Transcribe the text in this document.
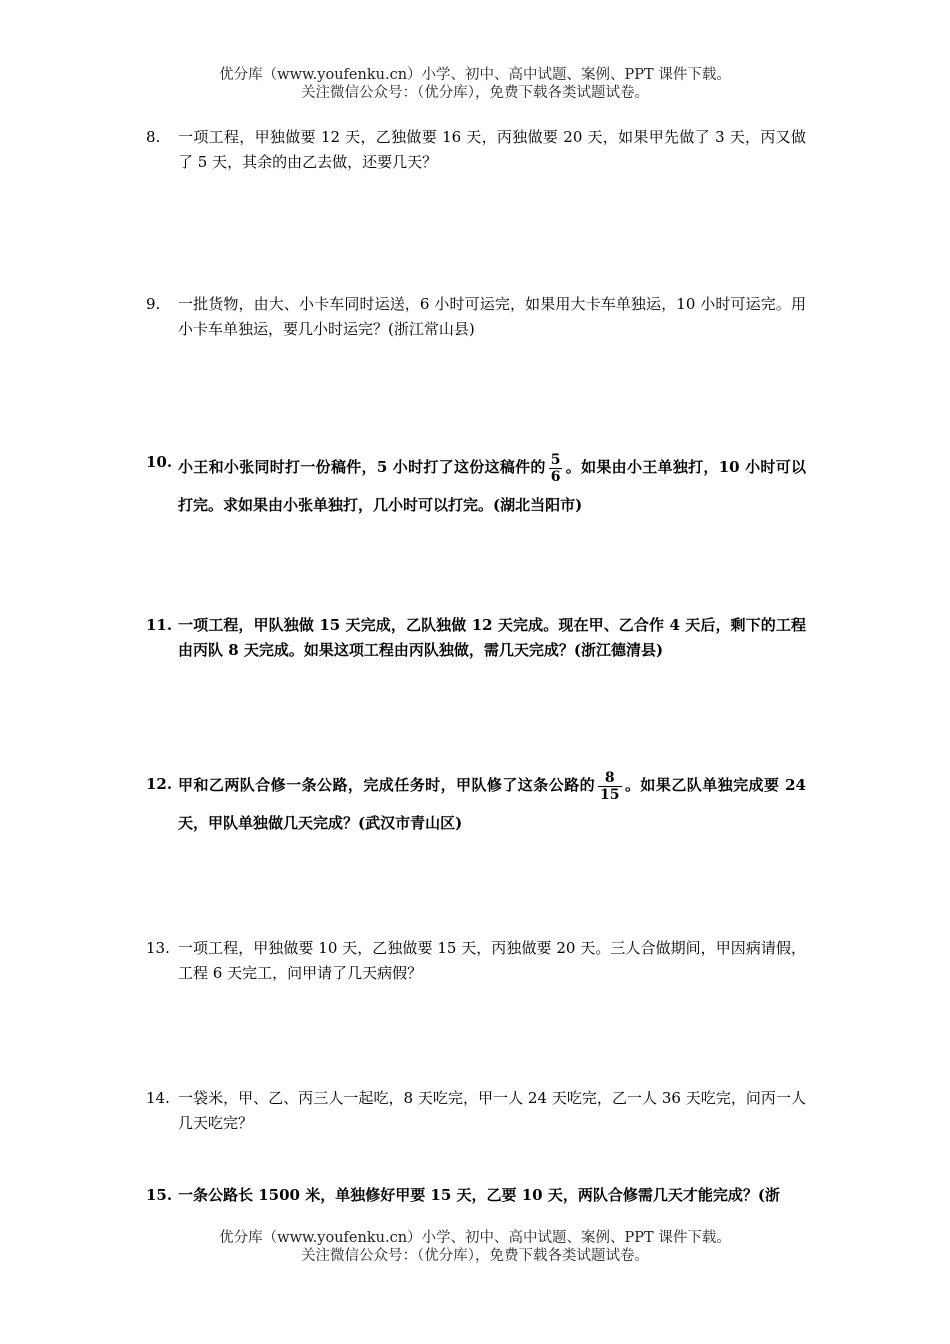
优分库（www.youfenku.cn）小学、初中、高中试题、案例、PPT 课件下载。
关注微信公众号：（优分库），免费下载各类试题试卷。
8.	一项工程，甲独做要 12 天，乙独做要 16 天，丙独做要 20 天，如果甲先做了 3 天，丙又做了 5 天，其余的由乙去做，还要几天？
9.	一批货物，由大、小卡车同时运送，6 小时可运完，如果用大卡车单独运，10 小时可运完。用小卡车单独运，要几小时运完？(浙江常山县)
10. 小王和小张同时打一份稿件，5 小时打了这份这稿件的 $\frac{5}{6}$ 。如果由小王单独打，10 小时可以打完。求如果由小张单独打，几小时可以打完。(湖北当阳市)
11. 一项工程，甲队独做 15 天完成，乙队独做 12 天完成。现在甲、乙合作 4 天后，剩下的工程由丙队 8 天完成。如果这项工程由丙队独做，需几天完成？(浙江德清县)
12. 甲和乙两队合修一条公路，完成任务时，甲队修了这条公路的 $\frac{8}{15}$ 。如果乙队单独完成要 24 天，甲队单独做几天完成？(武汉市青山区)
13. 一项工程，甲独做要 10 天，乙独做要 15 天，丙独做要 20 天。三人合做期间，甲因病请假，工程 6 天完工，问甲请了几天病假？
14. 一袋米，甲、乙、丙三人一起吃，8 天吃完，甲一人 24 天吃完，乙一人 36 天吃完，问丙一人几天吃完？
15. 一条公路长 1500 米，单独修好甲要 15 天，乙要 10 天，两队合修需几天才能完成？(浙
优分库（www.youfenku.cn）小学、初中、高中试题、案例、PPT 课件下载。
关注微信公众号：（优分库），免费下载各类试题试卷。
